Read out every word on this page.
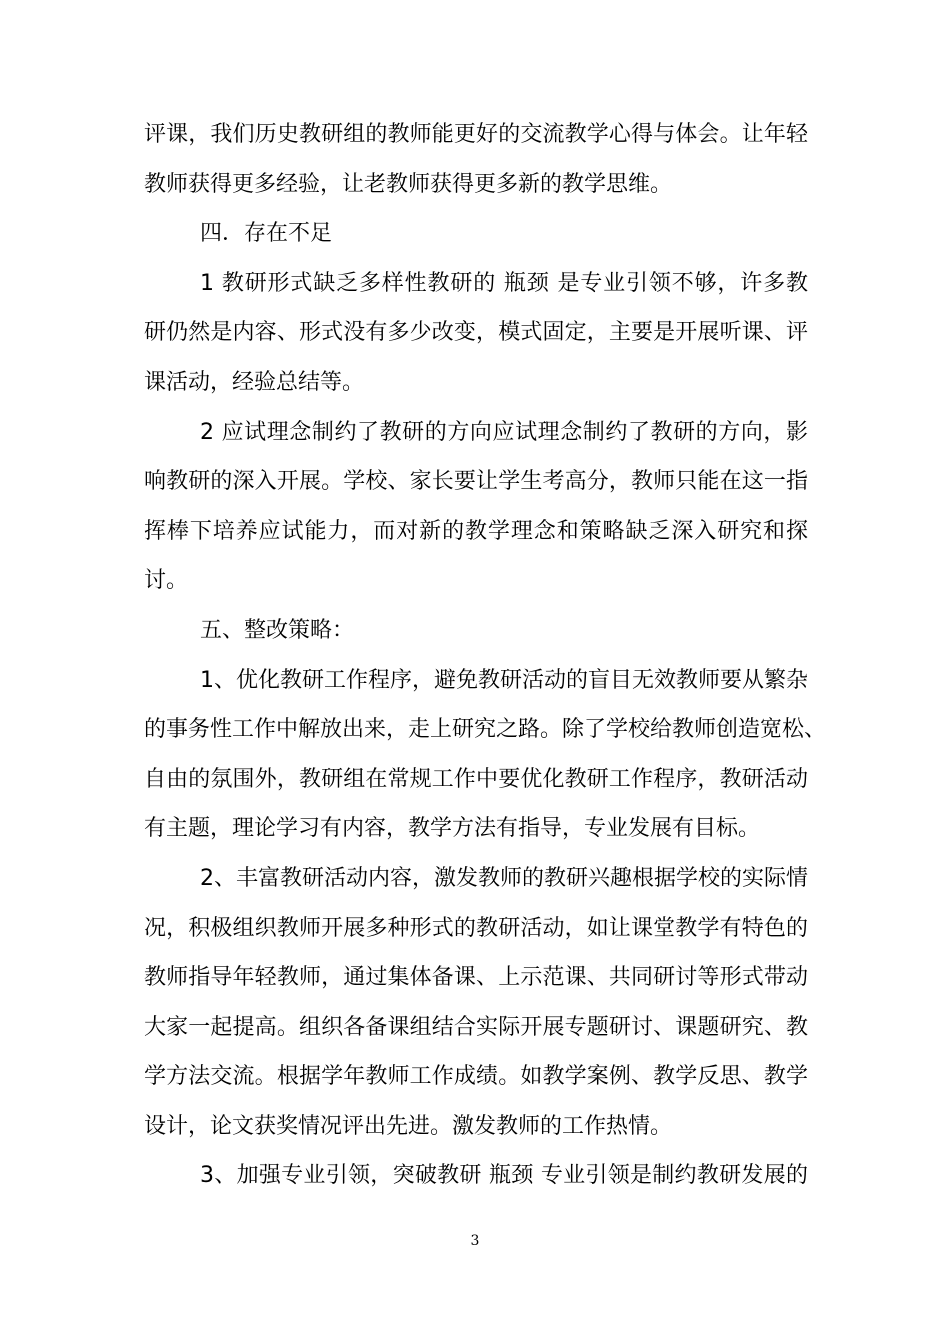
评课，我们历史教研组的教师能更好的交流教学心得与体会。让年轻
教师获得更多经验，让老教师获得更多新的教学思维。
四．存在不足
1 教研形式缺乏多样性教研的 瓶颈 是专业引领不够，许多教
研仍然是内容、形式没有多少改变，模式固定，主要是开展听课、评
课活动，经验总结等。
2 应试理念制约了教研的方向应试理念制约了教研的方向，影
响教研的深入开展。学校、家长要让学生考高分，教师只能在这一指
挥棒下培养应试能力，而对新的教学理念和策略缺乏深入研究和探
讨。
五、整改策略：
1、优化教研工作程序，避免教研活动的盲目无效教师要从繁杂
的事务性工作中解放出来，走上研究之路。除了学校给教师创造宽松、
自由的氛围外，教研组在常规工作中要优化教研工作程序，教研活动
有主题，理论学习有内容，教学方法有指导，专业发展有目标。
2、丰富教研活动内容，激发教师的教研兴趣根据学校的实际情
况，积极组织教师开展多种形式的教研活动，如让课堂教学有特色的
教师指导年轻教师，通过集体备课、上示范课、共同研讨等形式带动
大家一起提高。组织各备课组结合实际开展专题研讨、课题研究、教
学方法交流。根据学年教师工作成绩。如教学案例、教学反思、教学
设计，论文获奖情况评出先进。激发教师的工作热情。
3、加强专业引领，突破教研 瓶颈 专业引领是制约教研发展的
3
